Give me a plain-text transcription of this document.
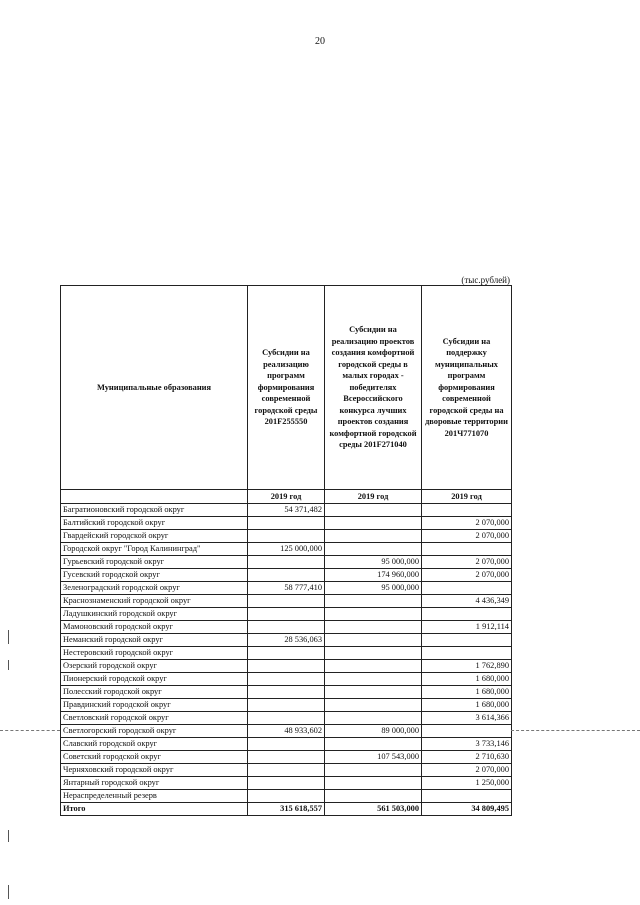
20
(тыс.рублей)
Муниципальные образования	Субсидии на реализацию программ формирования современной городской среды 201F255550	Субсидии на реализацию проектов создания комфортной городской среды в малых городах - победителях Всероссийского конкурса лучших проектов создания комфортной городской среды 201F271040	Субсидии на поддержку муниципальных программ формирования современной городской среды на дворовые территории 201Ч771070
	2019 год	2019 год	2019 год
Багратионовский городской округ	54 371,482		
Балтийский городской округ			2 070,000
Гвардейский городской округ			2 070,000
Городской округ "Город Калининград"	125 000,000		
Гурьевский городской округ		95 000,000	2 070,000
Гусевский городской округ		174 960,000	2 070,000
Зеленоградский городской округ	58 777,410	95 000,000	
Краснознаменский городской округ			4 436,349
Ладушкинский городской округ			
Мамоновский городской округ			1 912,114
Неманский городской округ	28 536,063		
Нестеровский городской округ			
Озерский городской округ			1 762,890
Пионерский городской округ			1 680,000
Полесский городской округ			1 680,000
Правдинский городской округ			1 680,000
Светловский городской округ			3 614,366
Светлогорский городской округ	48 933,602	89 000,000	
Славский городской округ			3 733,146
Советский городской округ		107 543,000	2 710,630
Черняховский городской округ			2 070,000
Янтарный городской округ			1 250,000
Нераспределенный резерв			
Итого	315 618,557	561 503,000	34 809,495
